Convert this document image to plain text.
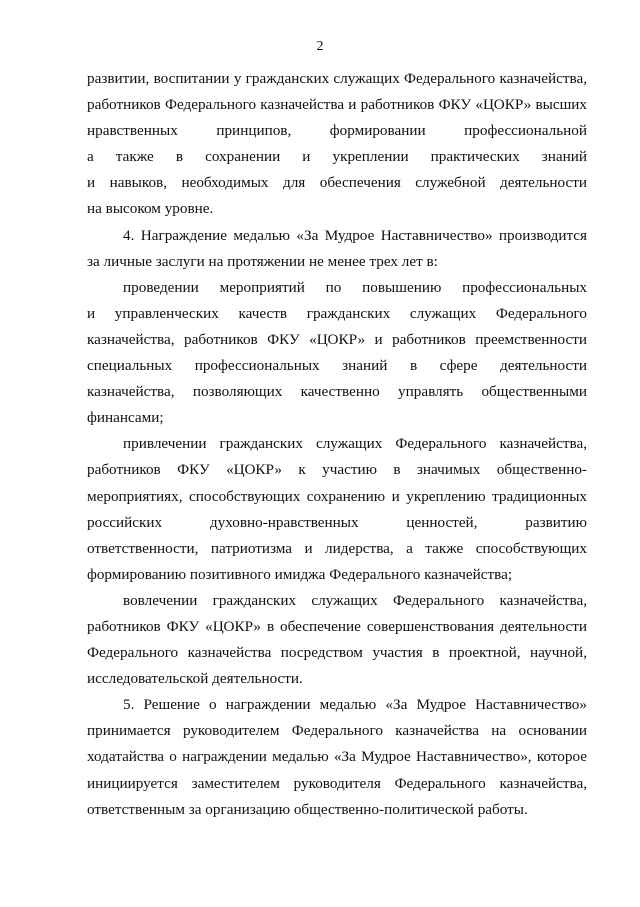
2
развитии, воспитании у гражданских служащих Федерального казначейства,
работников Федерального казначейства и работников ФКУ «ЦОКР» высших
нравственных принципов, формировании профессиональной
а также в сохранении и укреплении практических знаний
и навыков, необходимых для обеспечения служебной деятельности
на высоком уровне.
4. Награждение медалью «За Мудрое Наставничество» производится
за личные заслуги на протяжении не менее трех лет в:
проведении мероприятий по повышению профессиональных
и управленческих качеств гражданских служащих Федерального
казначейства, работников ФКУ «ЦОКР» и работников преемственности
специальных профессиональных знаний в сфере деятельности
казначейства, позволяющих качественно управлять общественными
финансами;
привлечении гражданских служащих Федерального казначейства,
работников ФКУ «ЦОКР» к участию в значимых общественно-
мероприятиях, способствующих сохранению и укреплению традиционных
российских духовно-нравственных ценностей, развитию
ответственности, патриотизма и лидерства, а также способствующих
формированию позитивного имиджа Федерального казначейства;
вовлечении гражданских служащих Федерального казначейства,
работников ФКУ «ЦОКР» в обеспечение совершенствования деятельности
Федерального казначейства посредством участия в проектной, научной,
исследовательской деятельности.
5. Решение о награждении медалью «За Мудрое Наставничество»
принимается руководителем Федерального казначейства на основании
ходатайства о награждении медалью «За Мудрое Наставничество», которое
инициируется заместителем руководителя Федерального казначейства,
ответственным за организацию общественно-политической работы.
